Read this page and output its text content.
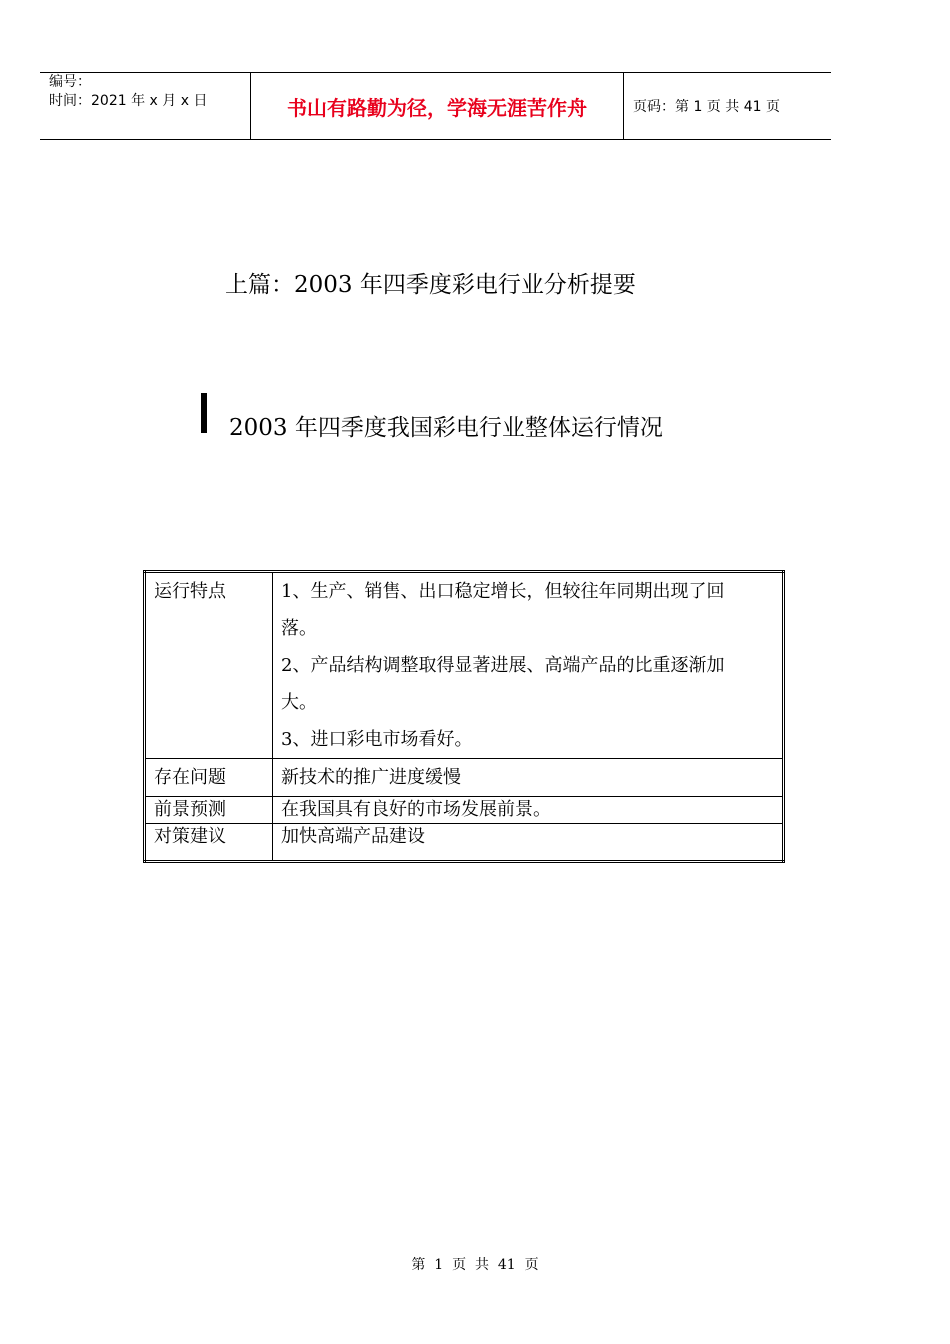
编号：
时间：2021 年 x 月 x 日	书山有路勤为径，学海无涯苦作舟	页码：第 1 页 共 41 页
上篇：2003 年四季度彩电行业分析提要
2003 年四季度我国彩电行业整体运行情况
运行特点	1、生产、销售、出口稳定增长，但较往年同期出现了回
落。
2、产品结构调整取得显著进展、高端产品的比重逐渐加
大。
3、进口彩电市场看好。

存在问题	新技术的推广进度缓慢
前景预测	在我国具有良好的市场发展前景。
对策建议	加快高端产品建设
第  1  页  共  41  页
